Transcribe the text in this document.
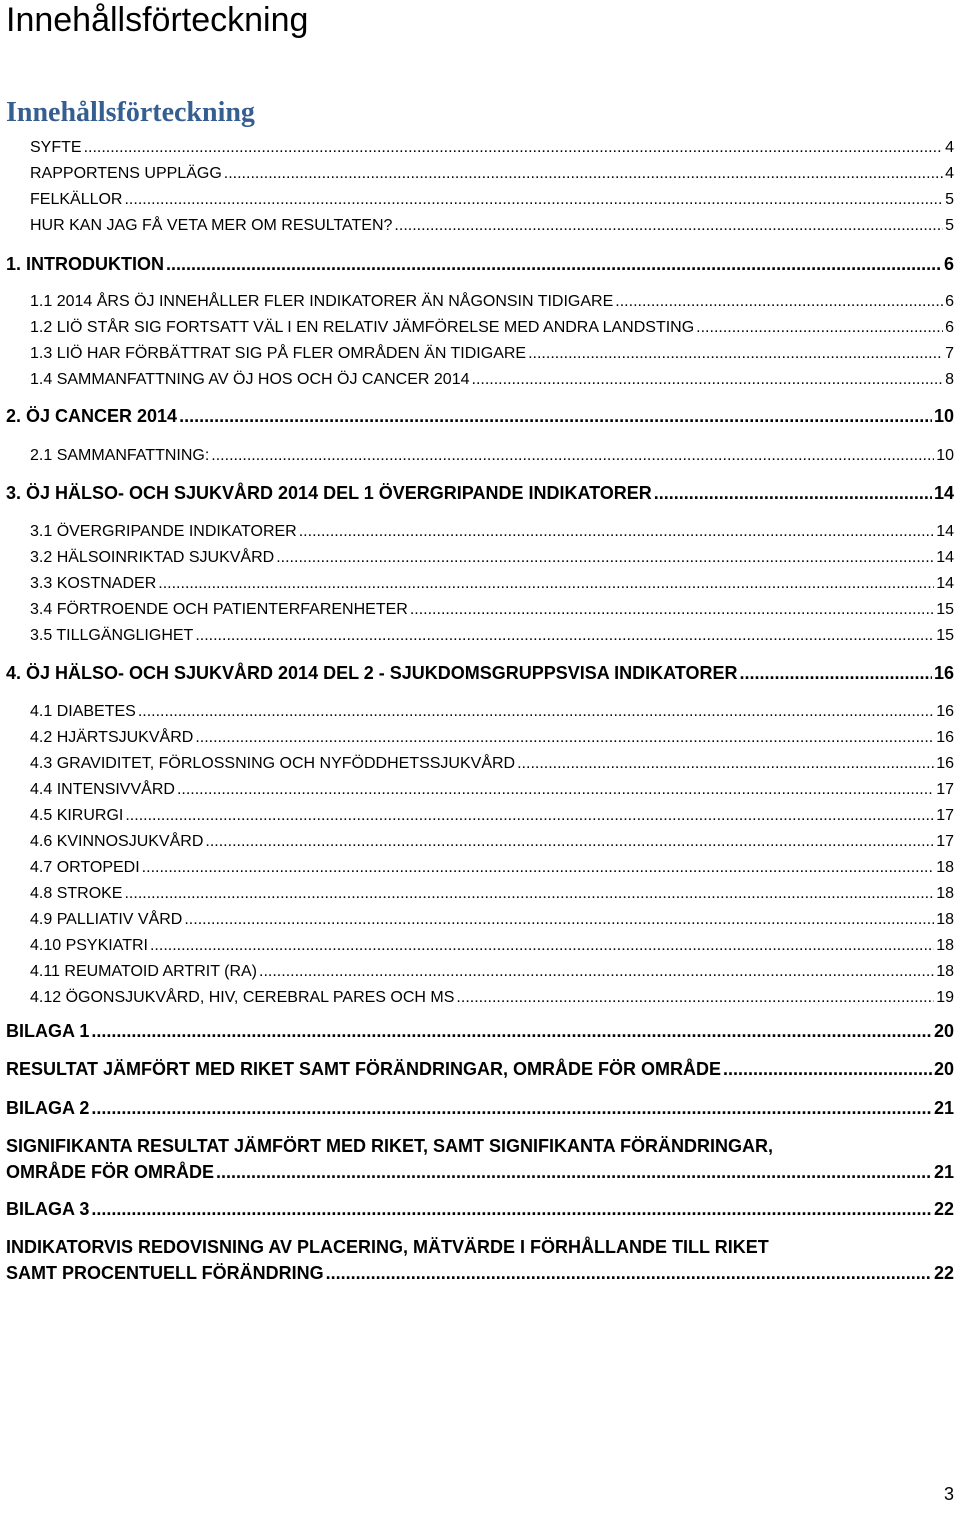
Innehållsförteckning
Innehållsförteckning
SYFTE .....	4
RAPPORTENS UPPLÄGG .....	4
FELKÄLLOR .....	5
HUR KAN JAG FÅ VETA MER OM RESULTATEN? .....	5
1. INTRODUKTION .....	6
1.1 2014 ÅRS ÖJ INNEHÅLLER FLER INDIKATORER ÄN NÅGONSIN TIDIGARE .....	6
1.2 LIÖ STÅR SIG FORTSATT VÄL I EN RELATIV JÄMFÖRELSE MED ANDRA LANDSTING .....	6
1.3 LIÖ HAR FÖRBÄTTRAT SIG PÅ FLER OMRÅDEN ÄN TIDIGARE .....	7
1.4 SAMMANFATTNING AV ÖJ HOS OCH ÖJ CANCER 2014 .....	8
2. ÖJ CANCER 2014 .....	10
2.1 SAMMANFATTNING: .....	10
3. ÖJ HÄLSO- OCH SJUKVÅRD 2014 DEL 1 ÖVERGRIPANDE INDIKATORER .....	14
3.1 ÖVERGRIPANDE INDIKATORER .....	14
3.2 HÄLSOINRIKTAD SJUKVÅRD .....	14
3.3 KOSTNADER .....	14
3.4 FÖRTROENDE OCH PATIENTERFARENHETER .....	15
3.5 TILLGÄNGLIGHET .....	15
4. ÖJ HÄLSO- OCH SJUKVÅRD 2014 DEL 2 - SJUKDOMSGRUPPSVISA INDIKATORER .....	16
4.1 DIABETES .....	16
4.2 HJÄRTSJUKVÅRD .....	16
4.3 GRAVIDITET, FÖRLOSSNING OCH NYFÖDDHETSSJUKVÅRD .....	16
4.4 INTENSIVVÅRD .....	17
4.5 KIRURGI .....	17
4.6 KVINNOSJUKVÅRD .....	17
4.7 ORTOPEDI .....	18
4.8 STROKE .....	18
4.9 PALLIATIV VÅRD .....	18
4.10 PSYKIATRI .....	18
4.11 REUMATOID ARTRIT (RA) .....	18
4.12 ÖGONSJUKVÅRD, HIV, CEREBRAL PARES OCH MS .....	19
BILAGA 1 .....	20
RESULTAT JÄMFÖRT MED RIKET SAMT FÖRÄNDRINGAR, OMRÅDE FÖR OMRÅDE .....	20
BILAGA 2 .....	21
SIGNIFIKANTA RESULTAT JÄMFÖRT MED RIKET, SAMT SIGNIFIKANTA FÖRÄNDRINGAR,
OMRÅDE FÖR OMRÅDE .....	21
BILAGA 3 .....	22
INDIKATORVIS REDOVISNING AV PLACERING, MÄTVÄRDE I FÖRHÅLLANDE TILL RIKET
SAMT PROCENTUELL FÖRÄNDRING .....	22
3
